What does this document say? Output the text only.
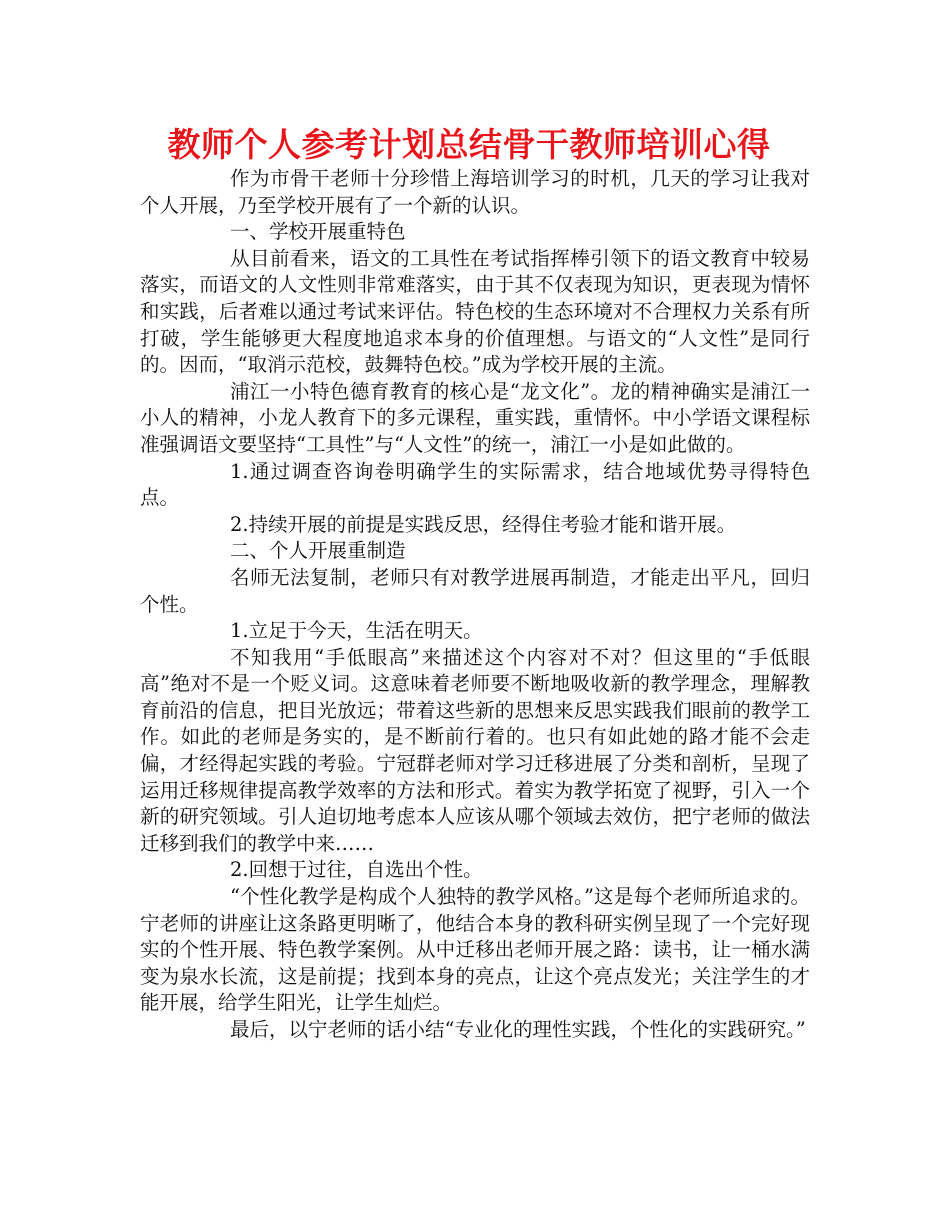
教师个人参考计划总结骨干教师培训心得

作为市骨干老师十分珍惜上海培训学习的时机，几天的学习让我对个人开展，乃至学校开展有了一个新的认识。

一、学校开展重特色

从目前看来，语文的工具性在考试指挥棒引领下的语文教育中较易落实，而语文的人文性则非常难落实，由于其不仅表现为知识，更表现为情怀和实践，后者难以通过考试来评估。特色校的生态环境对不合理权力关系有所打破，学生能够更大程度地追求本身的价值理想。与语文的“人文性”是同行的。因而，“取消示范校，鼓舞特色校。”成为学校开展的主流。

浦江一小特色德育教育的核心是“龙文化”。龙的精神确实是浦江一小人的精神，小龙人教育下的多元课程，重实践，重情怀。中小学语文课程标准强调语文要坚持“工具性”与“人文性”的统一，浦江一小是如此做的。

1.通过调查咨询卷明确学生的实际需求，结合地域优势寻得特色点。

2.持续开展的前提是实践反思，经得住考验才能和谐开展。

二、个人开展重制造

名师无法复制，老师只有对教学进展再制造，才能走出平凡，回归个性。

1.立足于今天，生活在明天。

不知我用“手低眼高”来描述这个内容对不对？但这里的“手低眼高”绝对不是一个贬义词。这意味着老师要不断地吸收新的教学理念，理解教育前沿的信息，把目光放远；带着这些新的思想来反思实践我们眼前的教学工作。如此的老师是务实的，是不断前行着的。也只有如此她的路才能不会走偏，才经得起实践的考验。宁冠群老师对学习迁移进展了分类和剖析，呈现了运用迁移规律提高教学效率的方法和形式。着实为教学拓宽了视野，引入一个新的研究领域。引人迫切地考虑本人应该从哪个领域去效仿，把宁老师的做法迁移到我们的教学中来……

2.回想于过往，自选出个性。

“个性化教学是构成个人独特的教学风格。”这是每个老师所追求的。宁老师的讲座让这条路更明晰了，他结合本身的教科研实例呈现了一个完好现实的个性开展、特色教学案例。从中迁移出老师开展之路：读书，让一桶水满变为泉水长流，这是前提；找到本身的亮点，让这个亮点发光；关注学生的才能开展，给学生阳光，让学生灿烂。

最后，以宁老师的话小结“专业化的理性实践，个性化的实践研究。”
